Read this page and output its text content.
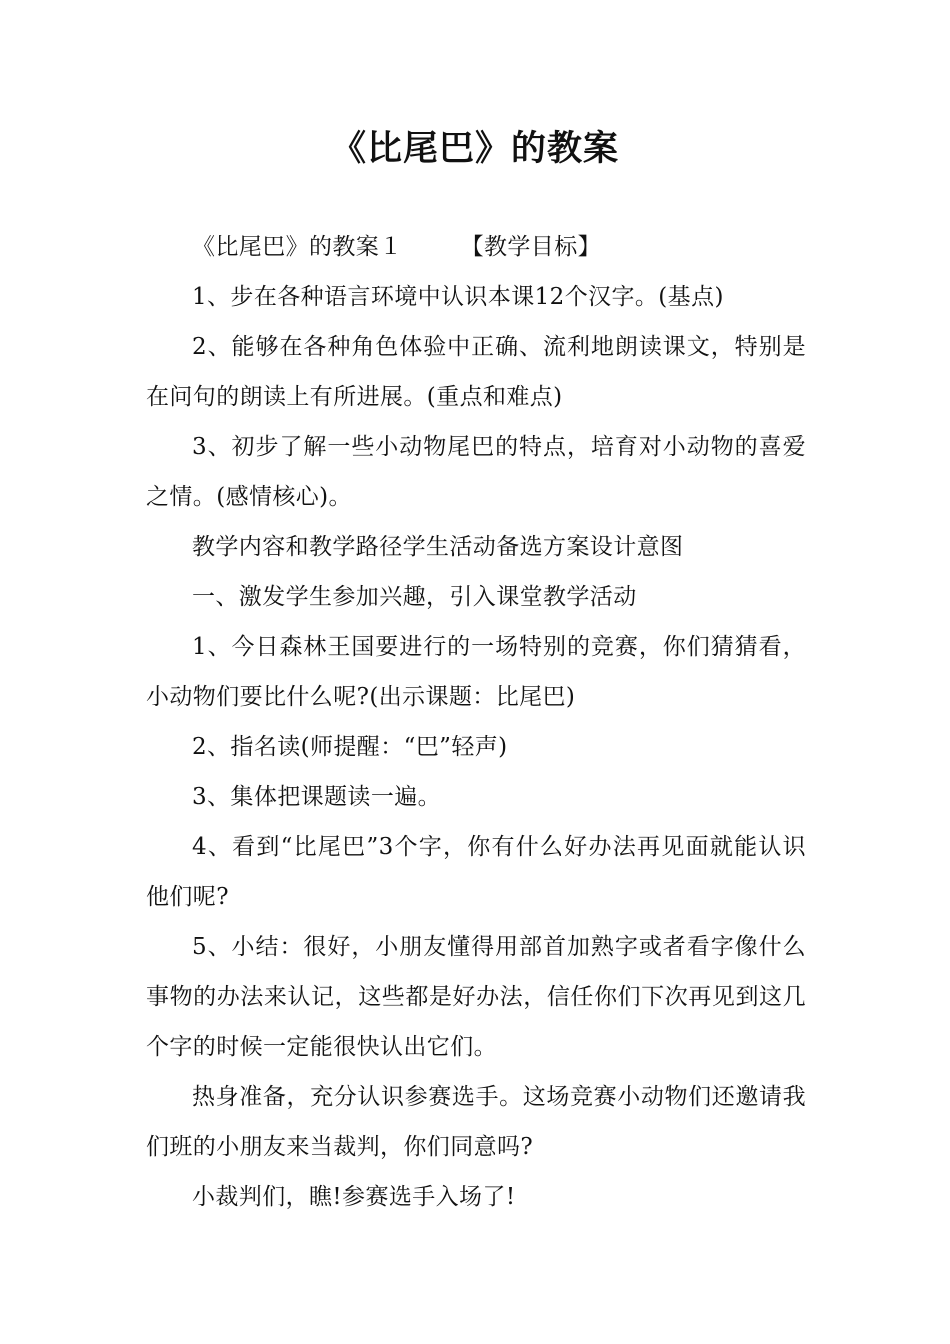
《比尾巴》的教案

《比尾巴》的教案１	【教学目标】

1、步在各种语言环境中认识本课12个汉字。(基点)

2、能够在各种角色体验中正确、流利地朗读课文，特别是在问句的朗读上有所进展。(重点和难点)

3、初步了解一些小动物尾巴的特点，培育对小动物的喜爱之情。(感情核心)。

教学内容和教学路径学生活动备选方案设计意图

一、激发学生参加兴趣，引入课堂教学活动

1、今日森林王国要进行的一场特别的竞赛，你们猜猜看，小动物们要比什么呢?(出示课题：比尾巴)

2、指名读(师提醒：“巴”轻声)

3、集体把课题读一遍。

4、看到“比尾巴”3个字，你有什么好办法再见面就能认识他们呢?

5、小结：很好，小朋友懂得用部首加熟字或者看字像什么事物的办法来认记，这些都是好办法，信任你们下次再见到这几个字的时候一定能很快认出它们。

热身准备，充分认识参赛选手。这场竞赛小动物们还邀请我们班的小朋友来当裁判，你们同意吗?

小裁判们，瞧!参赛选手入场了!
